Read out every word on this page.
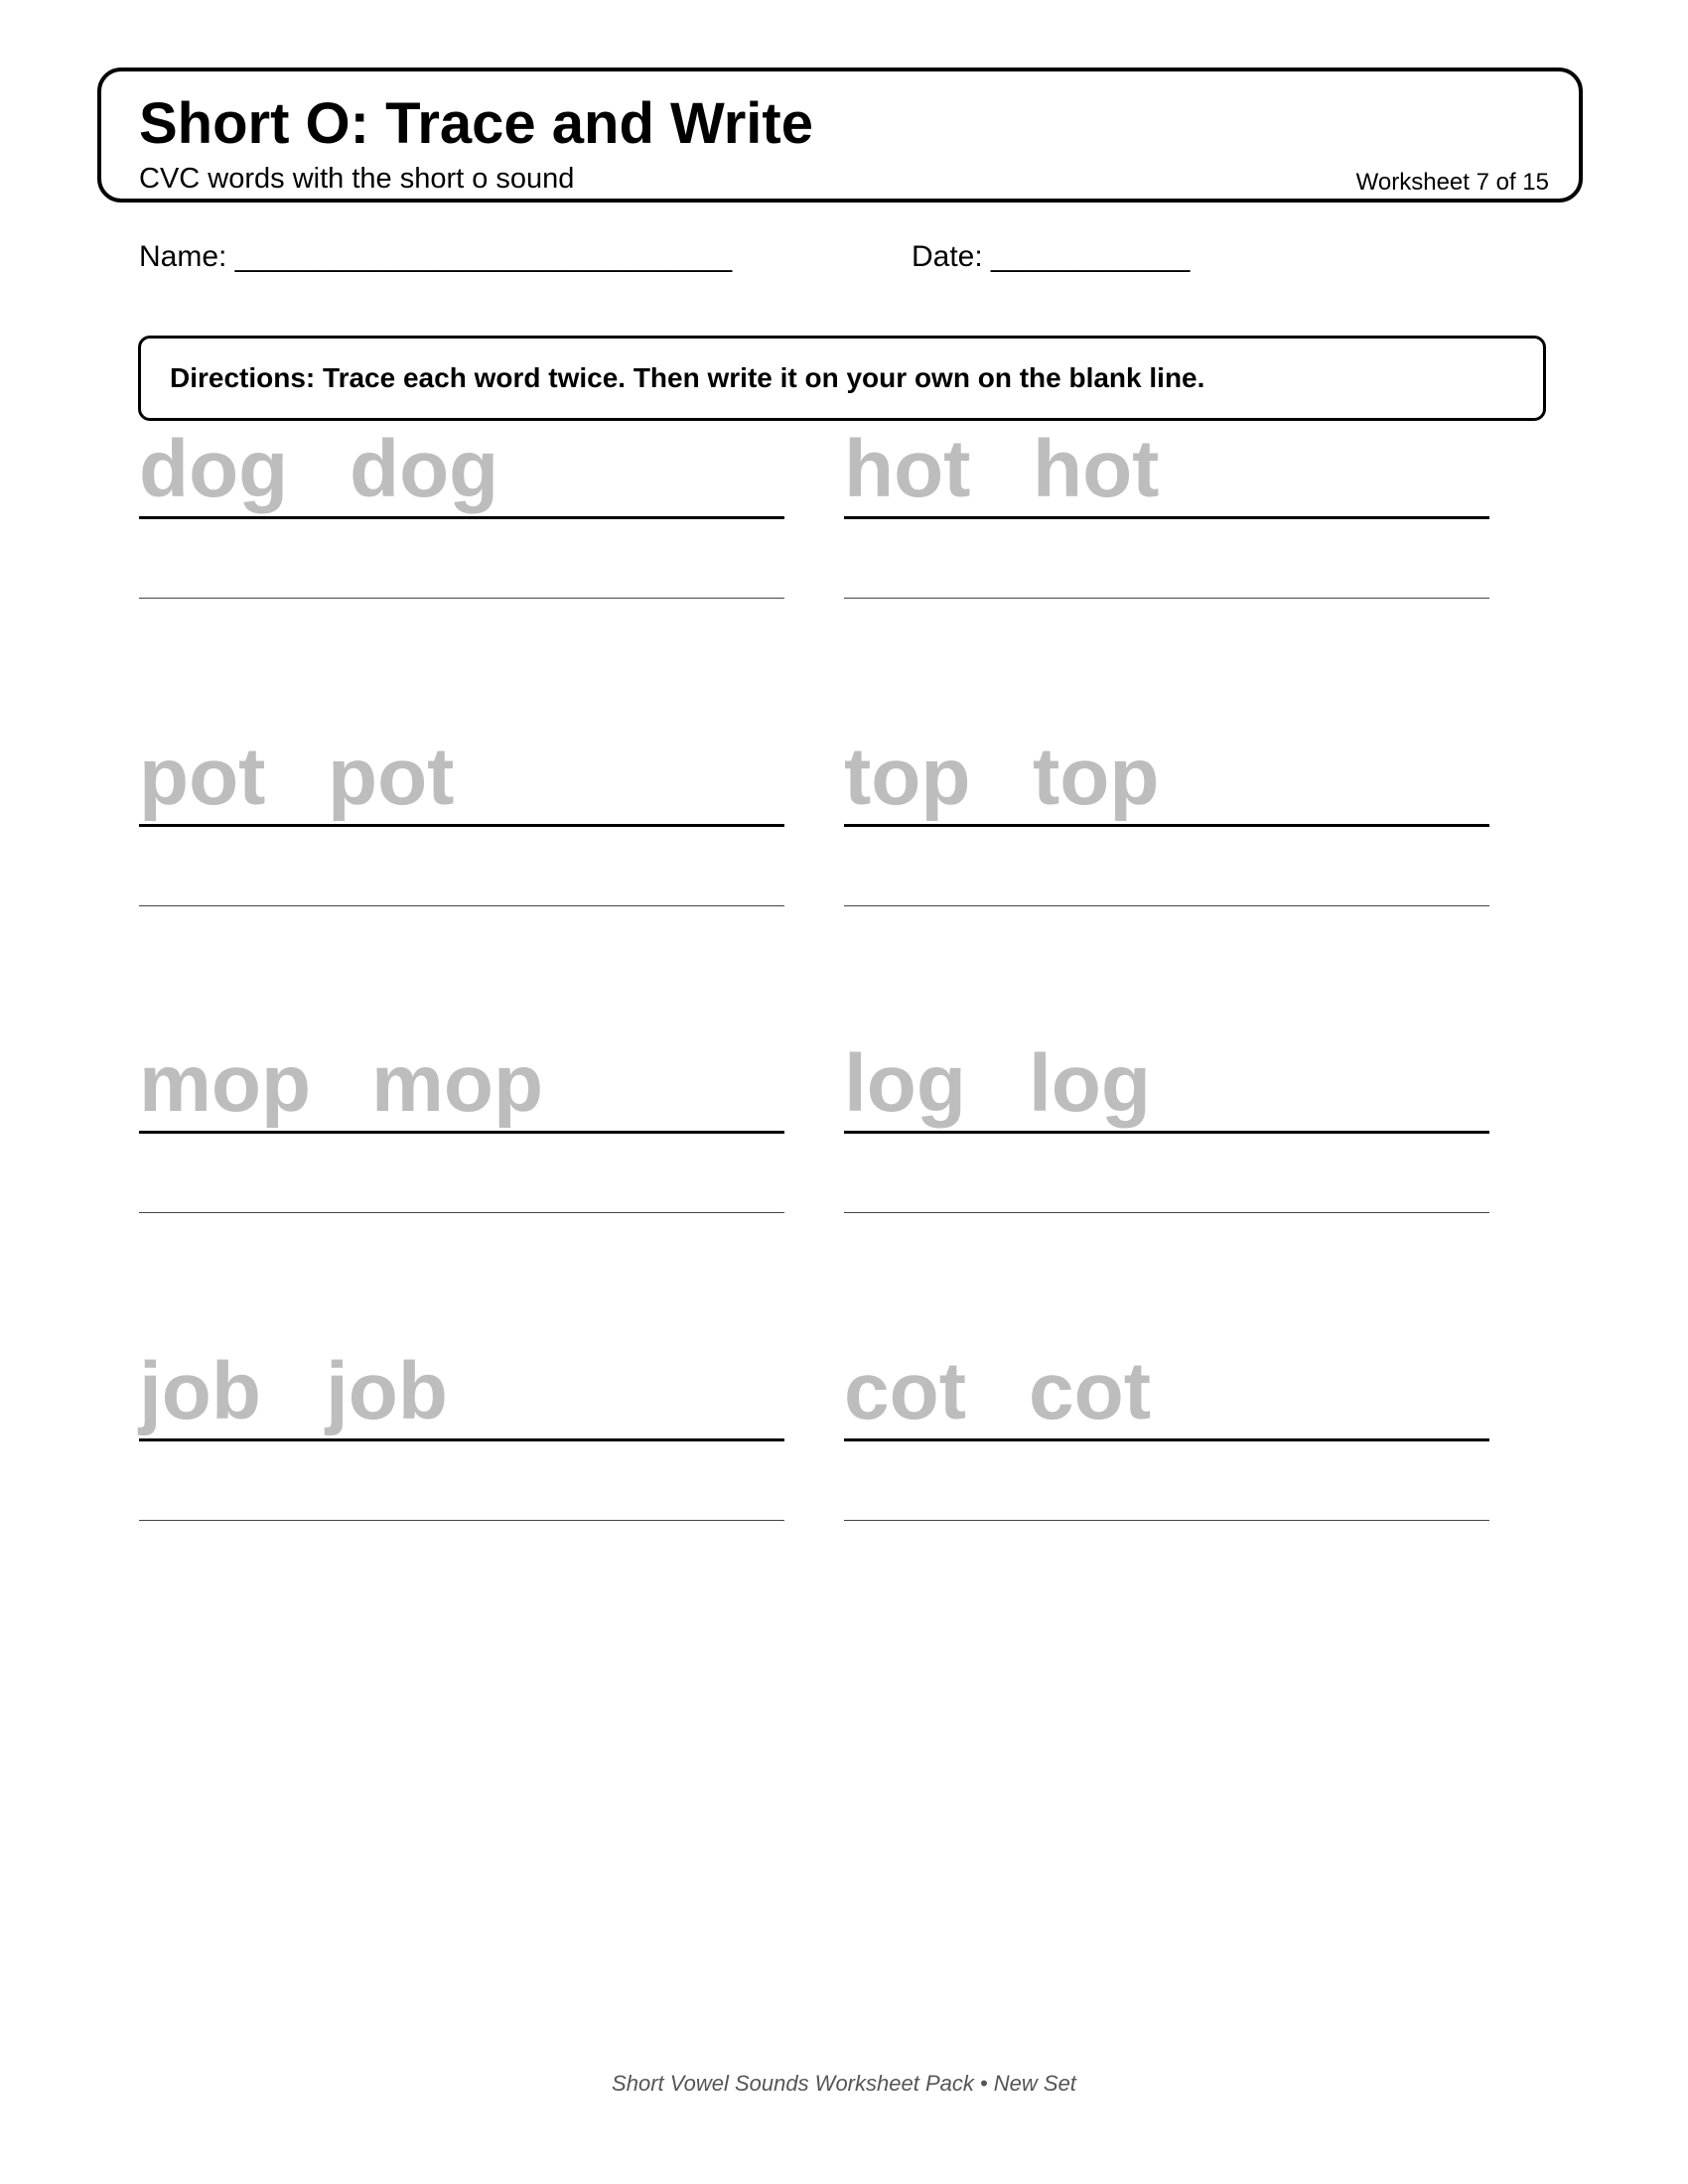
Short O: Trace and Write
CVC words with the short o sound	Worksheet 7 of 15
Name: ______________________________	Date: ____________
Directions: Trace each word twice. Then write it on your own on the blank line.
dog dog	hot hot
pot pot	top top
mop mop	log log
job job	cot cot
Short Vowel Sounds Worksheet Pack • New Set
